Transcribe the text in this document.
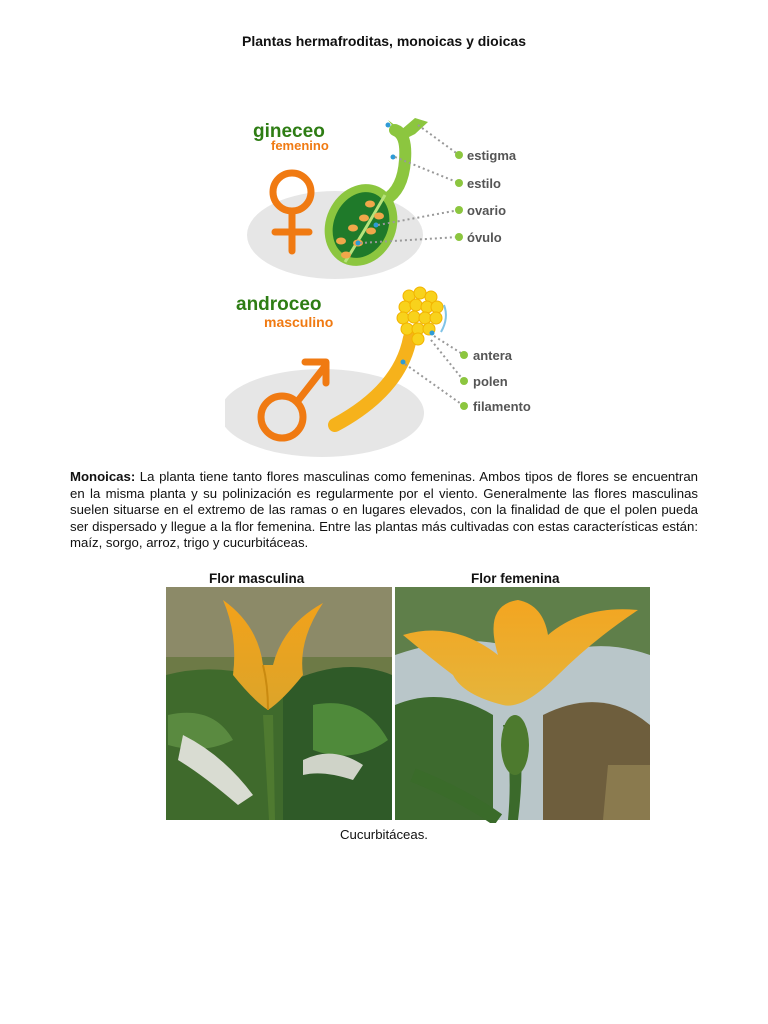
Plantas hermafroditas, monoicas y dioicas
gineceo
femenino
estigma
estilo
ovario
óvulo
androceo
masculino
antera
polen
filamento

Monoicas: La planta tiene tanto flores masculinas como femeninas. Ambos tipos de flores se encuentran en la misma planta y su polinización es regularmente por el viento. Generalmente las flores masculinas suelen situarse en el extremo de las ramas o en lugares elevados, con la finalidad de que el polen pueda ser dispersado y llegue a la flor femenina. Entre las plantas más cultivadas con estas características están: maíz, sorgo, arroz, trigo y cucurbitáceas.

Flor masculina	Flor femenina
Cucurbitáceas.
